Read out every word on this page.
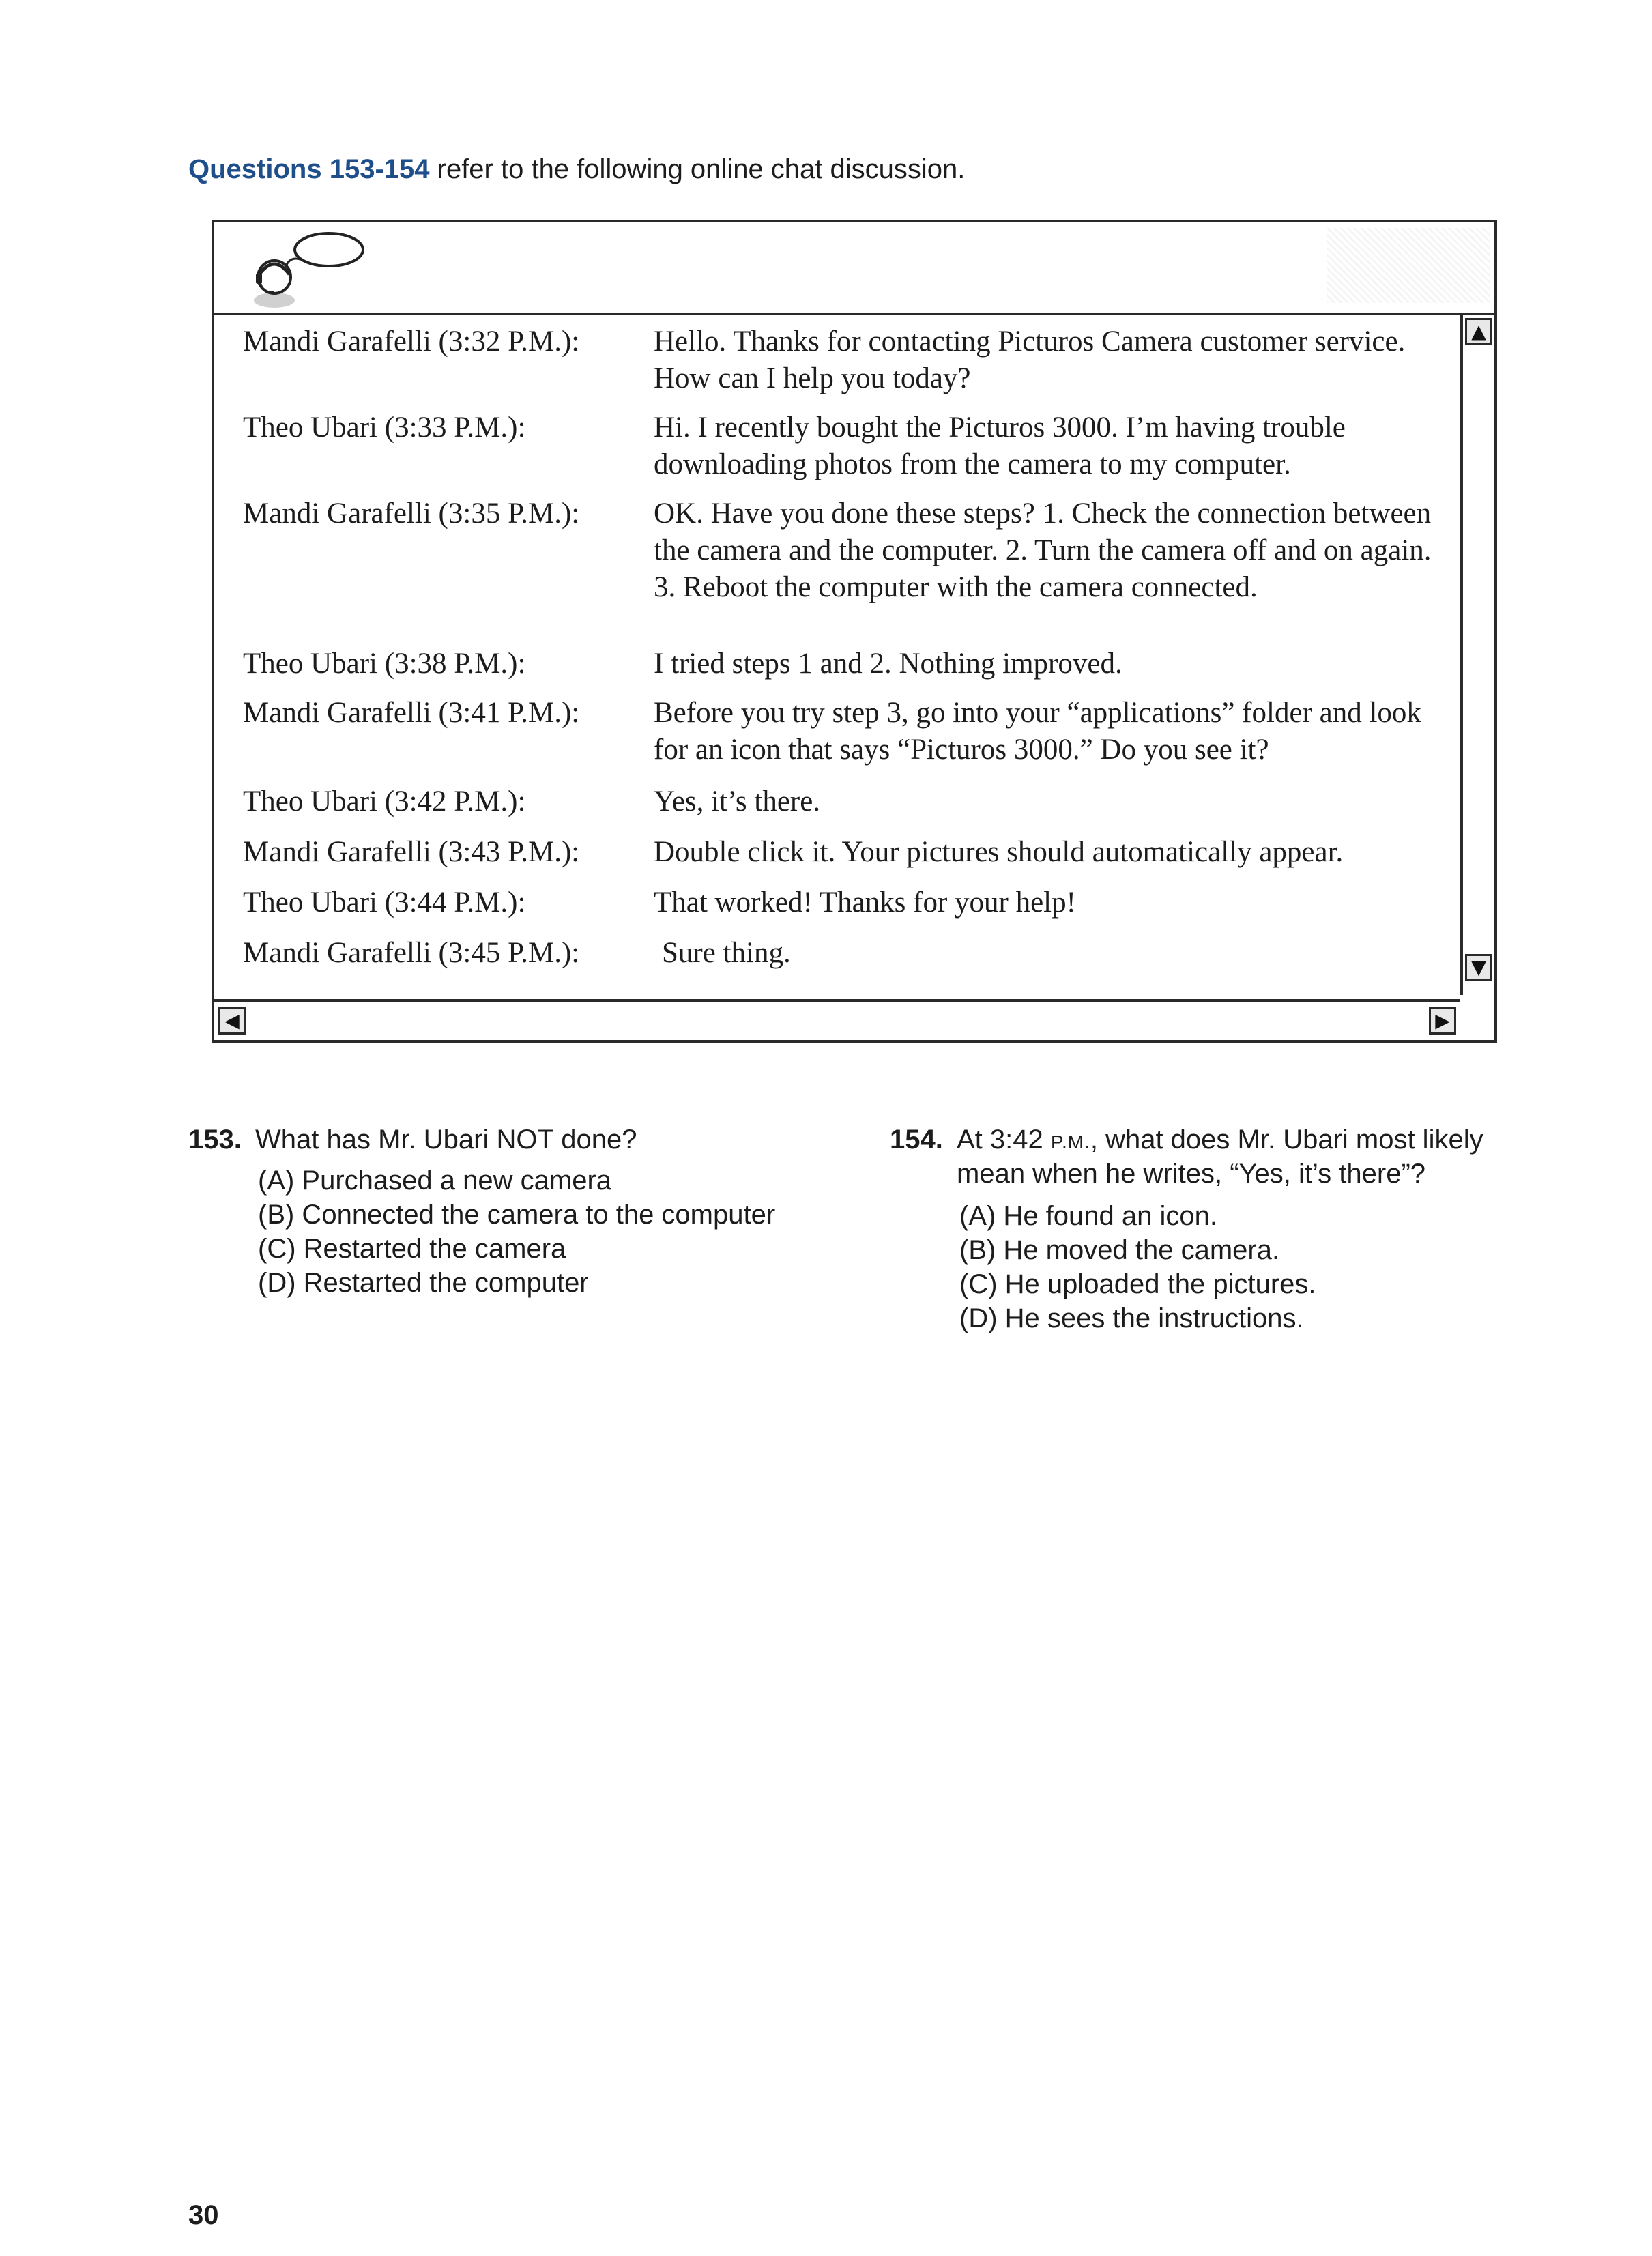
Questions 153-154 refer to the following online chat discussion.
Mandi Garafelli (3:32 P.M.):	Hello. Thanks for contacting Picturos Camera customer service. How can I help you today?
Theo Ubari (3:33 P.M.):	Hi. I recently bought the Picturos 3000. I’m having trouble downloading photos from the camera to my computer.
Mandi Garafelli (3:35 P.M.):	OK. Have you done these steps? 1. Check the connection between the camera and the computer. 2. Turn the camera off and on again. 3. Reboot the computer with the camera connected.
Theo Ubari (3:38 P.M.):	I tried steps 1 and 2. Nothing improved.
Mandi Garafelli (3:41 P.M.):	Before you try step 3, go into your “applications” folder and look for an icon that says “Picturos 3000.” Do you see it?
Theo Ubari (3:42 P.M.):	Yes, it’s there.
Mandi Garafelli (3:43 P.M.):	Double click it. Your pictures should automatically appear.
Theo Ubari (3:44 P.M.):	That worked! Thanks for your help!
Mandi Garafelli (3:45 P.M.):	Sure thing.
▲
▼
◀	▶
153. What has Mr. Ubari NOT done?
(A) Purchased a new camera
(B) Connected the camera to the computer
(C) Restarted the camera
(D) Restarted the computer
154. At 3:42 P.M., what does Mr. Ubari most likely
mean when he writes, “Yes, it’s there”?
(A) He found an icon.
(B) He moved the camera.
(C) He uploaded the pictures.
(D) He sees the instructions.
30
